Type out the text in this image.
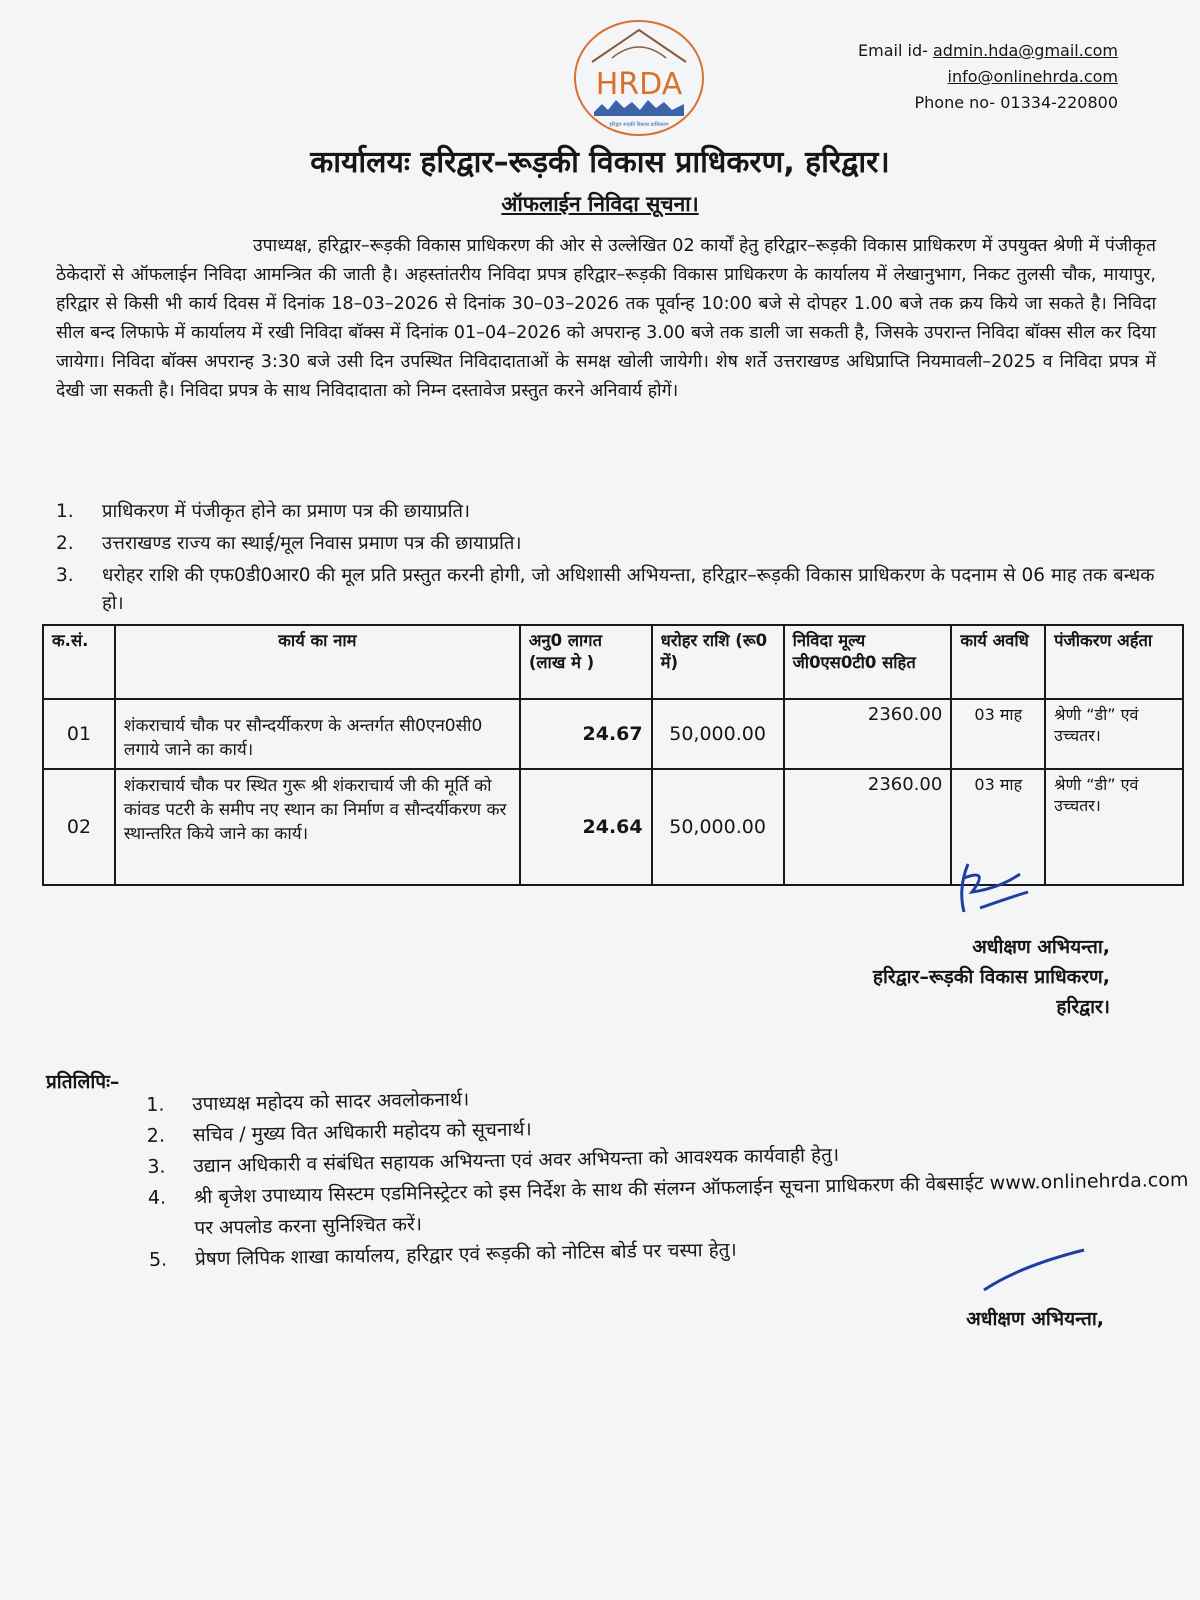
HRDA
हरिद्वार रूड़की विकास प्राधिकरण
Email id- admin.hda@gmail.com
info@onlinehrda.com
Phone no- 01334-220800
कार्यालयः हरिद्वार–रूड़की विकास प्राधिकरण, हरिद्वार।
ऑफलाईन निविदा सूचना।
उपाध्यक्ष, हरिद्वार–रूड़की विकास प्राधिकरण की ओर से उल्लेखित 02 कार्यों हेतु हरिद्वार–रूड़की विकास प्राधिकरण में उपयुक्त श्रेणी में पंजीकृत ठेकेदारों से ऑफलाईन निविदा आमन्त्रित की जाती है। अहस्तांतरीय निविदा प्रपत्र हरिद्वार–रूड़की विकास प्राधिकरण के कार्यालय में लेखानुभाग, निकट तुलसी चौक, मायापुर, हरिद्वार से किसी भी कार्य दिवस में दिनांक 18–03–2026 से दिनांक 30–03–2026 तक पूर्वान्ह 10:00 बजे से दोपहर 1.00 बजे तक क्रय किये जा सकते है। निविदा सील बन्द लिफाफे में कार्यालय में रखी निविदा बॉक्स में दिनांक 01–04–2026 को अपरान्ह 3.00 बजे तक डाली जा सकती है, जिसके उपरान्त निविदा बॉक्स सील कर दिया जायेगा। निविदा बॉक्स अपरान्ह 3:30 बजे उसी दिन उपस्थित निविदादाताओं के समक्ष खोली जायेगी। शेष शर्ते उत्तराखण्ड अधिप्राप्ति नियमावली–2025 व निविदा प्रपत्र में देखी जा सकती है। निविदा प्रपत्र के साथ निविदादाता को निम्न दस्तावेज प्रस्तुत करने अनिवार्य होगें।
1. प्राधिकरण में पंजीकृत होने का प्रमाण पत्र की छायाप्रति।
2. उत्तराखण्ड राज्य का स्थाई/मूल निवास प्रमाण पत्र की छायाप्रति।
3. धरोहर राशि की एफ0डी0आर0 की मूल प्रति प्रस्तुत करनी होगी, जो अधिशासी अभियन्ता, हरिद्वार–रूड़की विकास प्राधिकरण के पदनाम से 06 माह तक बन्धक हो।
क.सं.	कार्य का नाम	अनु0 लागत (लाख मे )	धरोहर राशि (रू0 में)	निविदा मूल्य जी0एस0टी0 सहित	कार्य अवधि	पंजीकरण अर्हता
01	शंकराचार्य चौक पर सौन्दर्यीकरण के अन्तर्गत सी0एन0सी0 लगाये जाने का कार्य।	24.67	50,000.00	2360.00	03 माह	श्रेणी “डी” एवं उच्चतर।
02	शंकराचार्य चौक पर स्थित गुरू श्री शंकराचार्य जी की मूर्ति को कांवड पटरी के समीप नए स्थान का निर्माण व सौन्दर्यीकरण कर स्थान्तरित किये जाने का कार्य।	24.64	50,000.00	2360.00	03 माह	श्रेणी “डी” एवं उच्चतर।
अधीक्षण अभियन्ता,
हरिद्वार–रूड़की विकास प्राधिकरण,
हरिद्वार।
प्रतिलिपिः–
1. उपाध्यक्ष महोदय को सादर अवलोकनार्थ।
2. सचिव / मुख्य वित अधिकारी महोदय को सूचनार्थ।
3. उद्यान अधिकारी व संबंधित सहायक अभियन्ता एवं अवर अभियन्ता को आवश्यक कार्यवाही हेतु।
4. श्री बृजेश उपाध्याय सिस्टम एडमिनिस्ट्रेटर को इस निर्देश के साथ की संलग्न ऑफलाईन सूचना प्राधिकरण की वेबसाईट www.onlinehrda.com पर अपलोड करना सुनिश्चित करें।
5. प्रेषण लिपिक शाखा कार्यालय, हरिद्वार एवं रूड़की को नोटिस बोर्ड पर चस्पा हेतु।
अधीक्षण अभियन्ता,
